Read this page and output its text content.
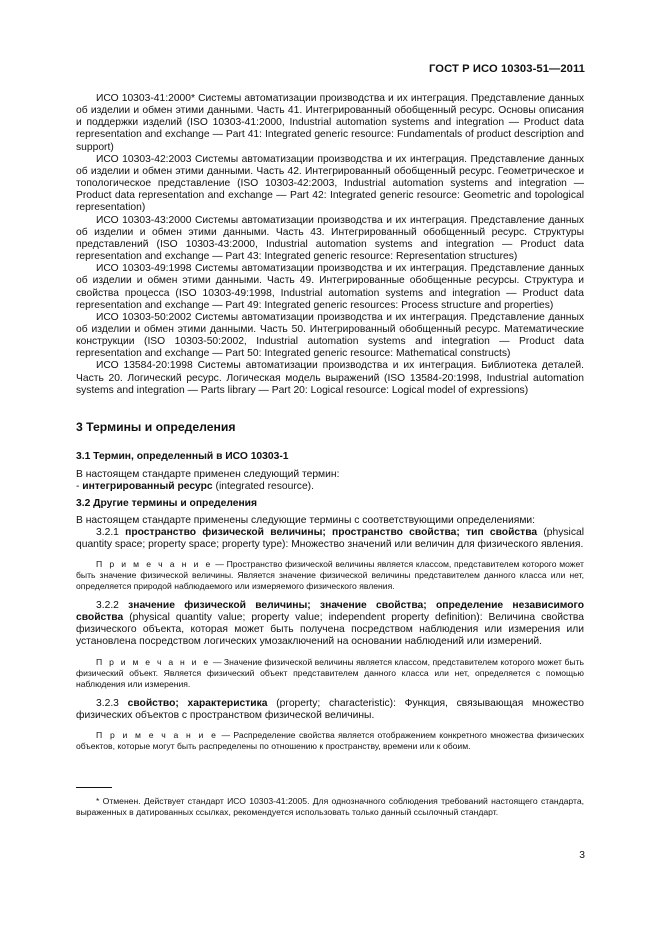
ГОСТ Р ИСО 10303-51—2011

ИСО 10303-41:2000* Системы автоматизации производства и их интеграция. Представление данных об изделии и обмен этими данными. Часть 41. Интегрированный обобщенный ресурс. Основы описания и поддержки изделий (ISO 10303-41:2000, Industrial automation systems and integration — Product data representation and exchange — Part 41: Integrated generic resource: Fundamentals of product description and support)

ИСО 10303-42:2003 Системы автоматизации производства и их интеграция. Представление данных об изделии и обмен этими данными. Часть 42. Интегрированный обобщенный ресурс. Геометрическое и топологическое представление (ISO 10303-42:2003, Industrial automation systems and integration — Product data representation and exchange — Part 42: Integrated generic resource: Geometric and topological representation)

ИСО 10303-43:2000 Системы автоматизации производства и их интеграция. Представление данных об изделии и обмен этими данными. Часть 43. Интегрированный обобщенный ресурс. Структуры представлений (ISO 10303-43:2000, Industrial automation systems and integration — Product data representation and exchange — Part 43: Integrated generic resource: Representation structures)

ИСО 10303-49:1998 Системы автоматизации производства и их интеграция. Представление данных об изделии и обмен этими данными. Часть 49. Интегрированные обобщенные ресурсы. Структура и свойства процесса (ISO 10303-49:1998, Industrial automation systems and integration — Product data representation and exchange — Part 49: Integrated generic resources: Process structure and properties)

ИСО 10303-50:2002 Системы автоматизации производства и их интеграция. Представление данных об изделии и обмен этими данными. Часть 50. Интегрированный обобщенный ресурс. Математические конструкции (ISO 10303-50:2002, Industrial automation systems and integration — Product data representation and exchange — Part 50: Integrated generic resource: Mathematical constructs)

ИСО 13584-20:1998 Системы автоматизации производства и их интеграция. Библиотека деталей. Часть 20. Логический ресурс. Логическая модель выражений (ISO 13584-20:1998, Industrial automation systems and integration — Parts library — Part 20: Logical resource: Logical model of expressions)

3 Термины и определения

3.1 Термин, определенный в ИСО 10303-1

В настоящем стандарте применен следующий термин:

- интегрированный ресурс (integrated resource).

3.2 Другие термины и определения

В настоящем стандарте применены следующие термины с соответствующими определениями:

3.2.1 пространство физической величины; пространство свойства; тип свойства (physical quantity space; property space; property type): Множество значений или величин для физического явления.

П р и м е ч а н и е — Пространство физической величины является классом, представителем которого может быть значение физической величины. Является значение физической величины представителем данного класса или нет, определяется природой наблюдаемого или измеряемого физического явления.

3.2.2 значение физической величины; значение свойства; определение независимого свойства (physical quantity value; property value; independent property definition): Величина свойства физического объекта, которая может быть получена посредством наблюдения или измерения или установлена посредством логических умозаключений на основании наблюдений или измерений.

П р и м е ч а н и е — Значение физической величины является классом, представителем которого может быть физический объект. Является физический объект представителем данного класса или нет, определяется с помощью наблюдения или измерения.

3.2.3 свойство; характеристика (property; characteristic): Функция, связывающая множество физических объектов с пространством физической величины.

П р и м е ч а н и е — Распределение свойства является отображением конкретного множества физических объектов, которые могут быть распределены по отношению к пространству, времени или к обоим.

* Отменен. Действует стандарт ИСО 10303-41:2005. Для однозначного соблюдения требований настоящего стандарта, выраженных в датированных ссылках, рекомендуется использовать только данный ссылочный стандарт.
3
